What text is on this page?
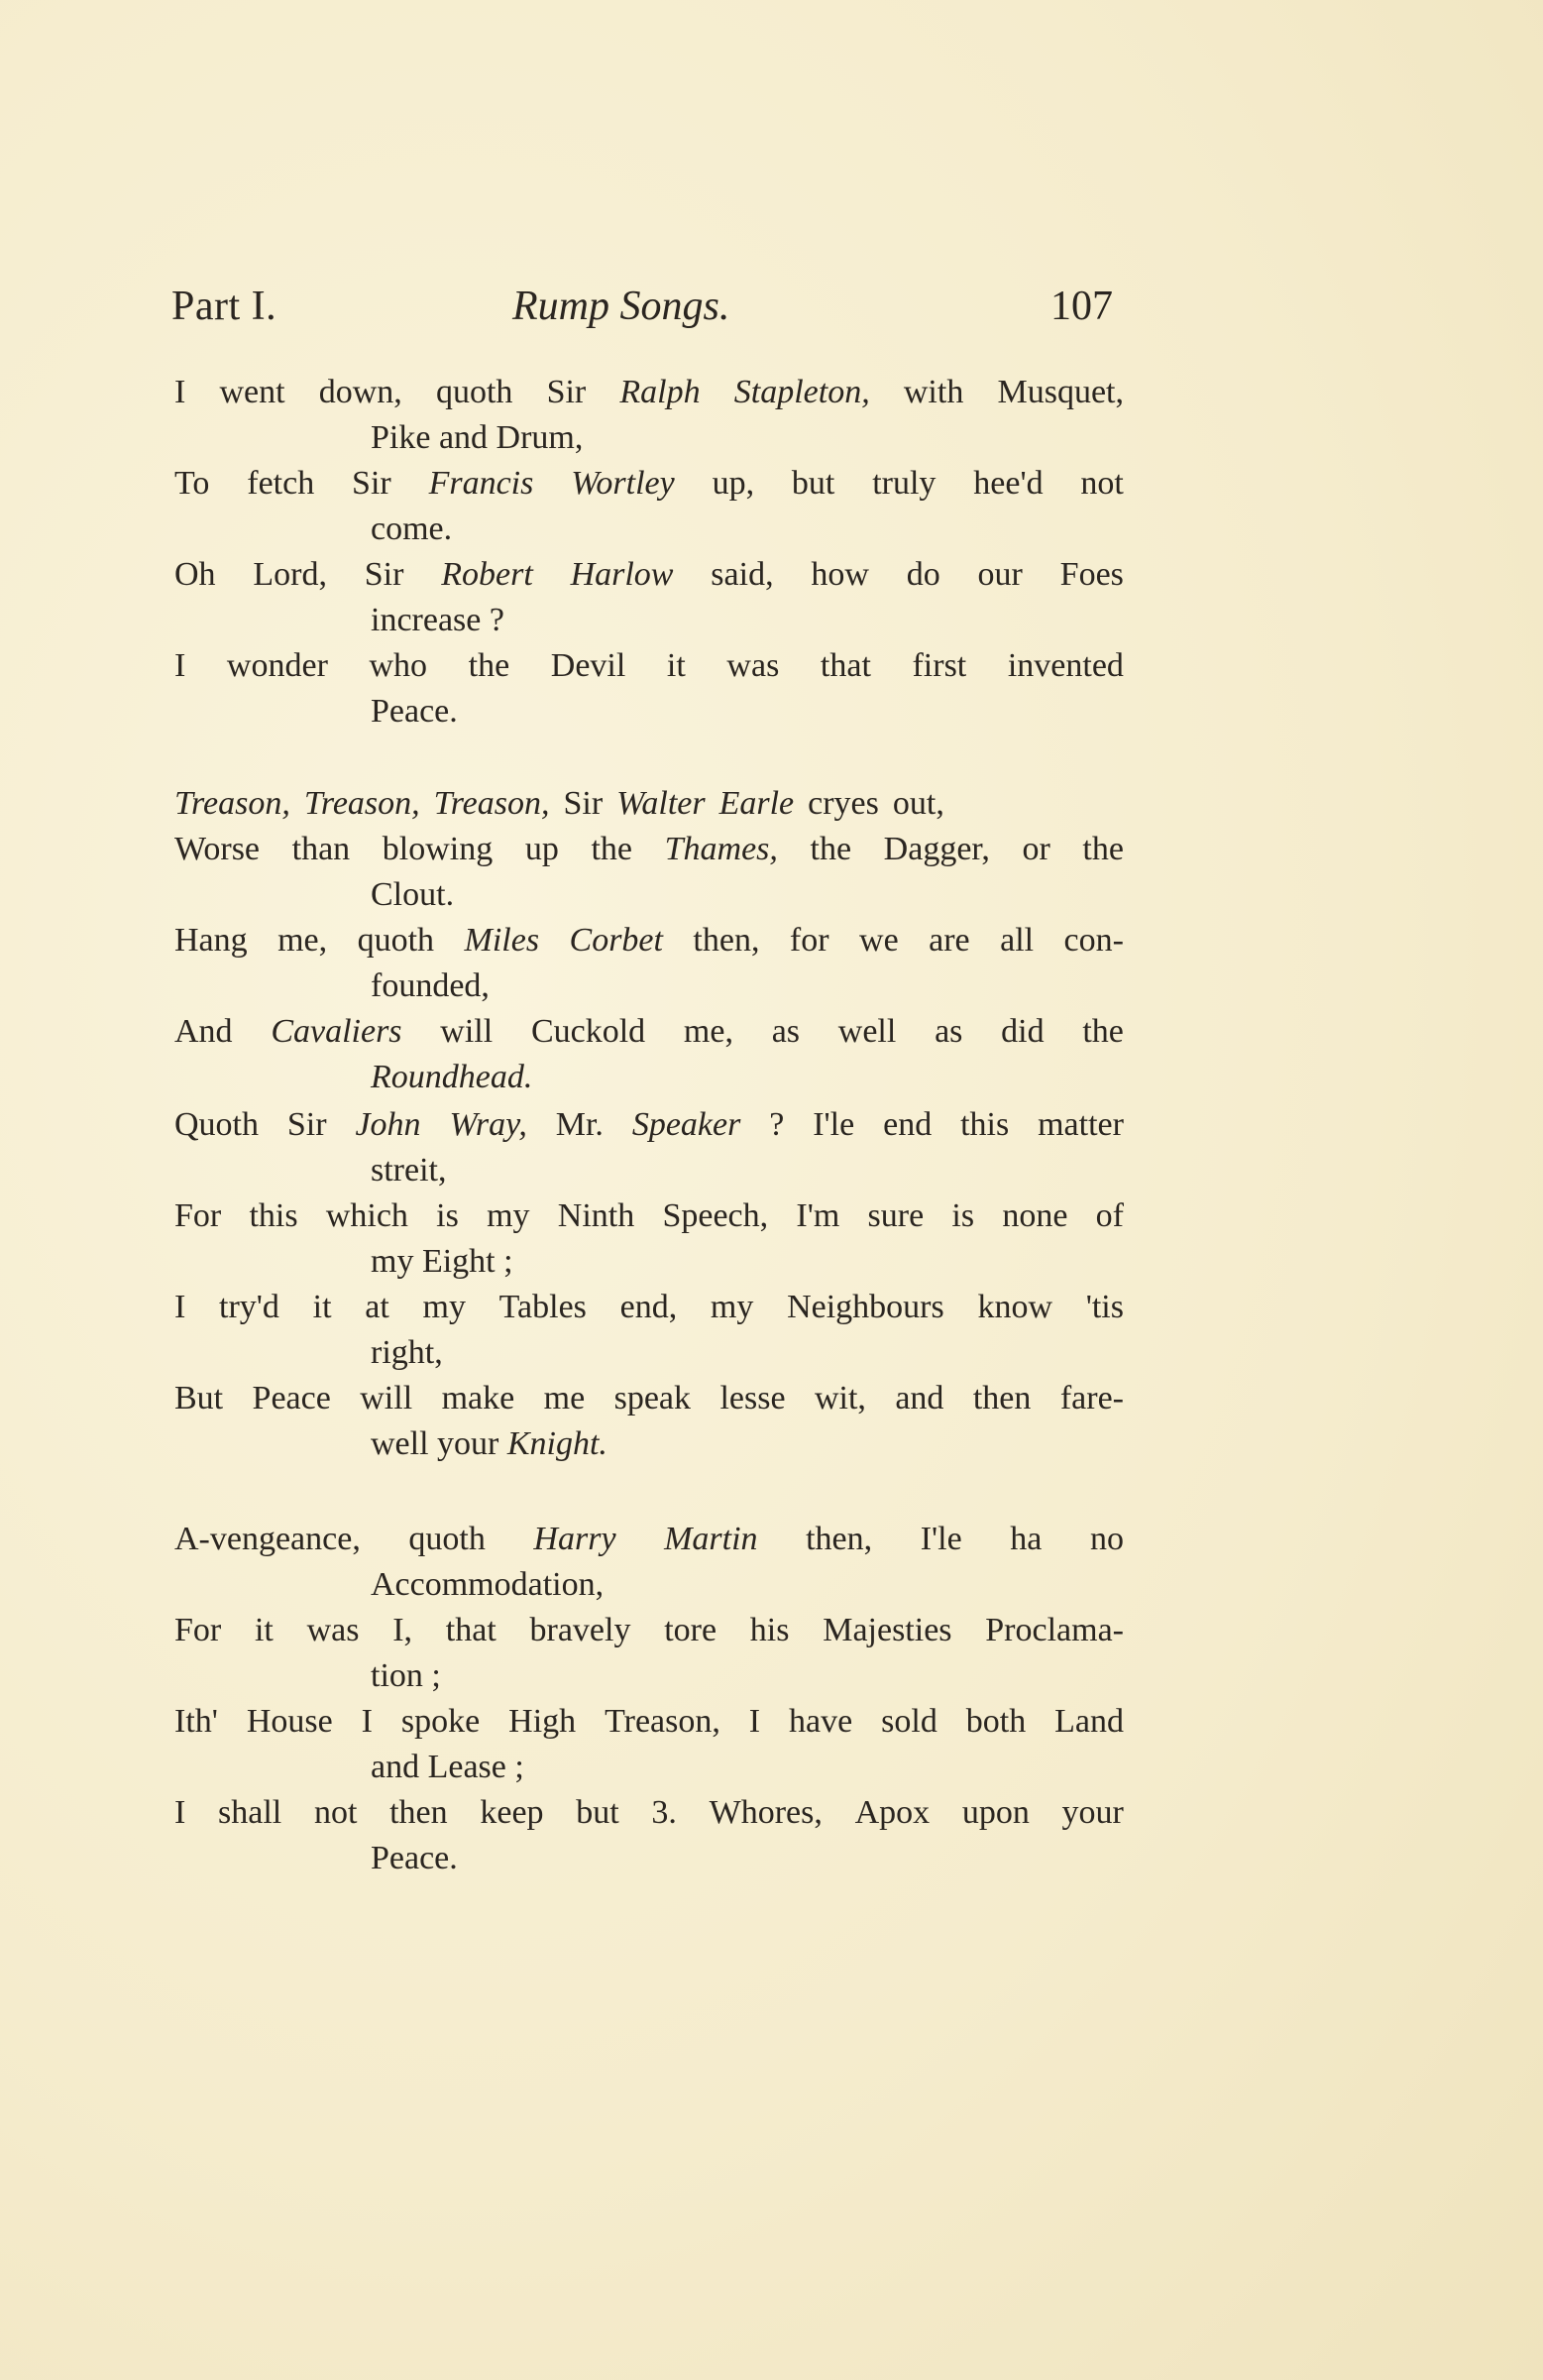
Part I.	Rump Songs.	107
I went down, quoth Sir Ralph Stapleton, with Musquet,
Pike and Drum,
To fetch Sir Francis Wortley up, but truly hee'd not
come.
Oh Lord, Sir Robert Harlow said, how do our Foes
increase ?
I wonder who the Devil it was that first invented
Peace.
Treason, Treason, Treason, Sir Walter Earle cryes out,
Worse than blowing up the Thames, the Dagger, or the
Clout.
Hang me, quoth Miles Corbet then, for we are all con-
founded,
And Cavaliers will Cuckold me, as well as did the
Roundhead.
Quoth Sir John Wray, Mr. Speaker ? I'le end this matter
streit,
For this which is my Ninth Speech, I'm sure is none of
my Eight ;
I try'd it at my Tables end, my Neighbours know 'tis
right,
But Peace will make me speak lesse wit, and then fare-
well your Knight.
A-vengeance, quoth Harry Martin then, I'le ha no
Accommodation,
For it was I, that bravely tore his Majesties Proclama-
tion ;
Ith' House I spoke High Treason, I have sold both Land
and Lease ;
I shall not then keep but 3. Whores, Apox upon your
Peace.
